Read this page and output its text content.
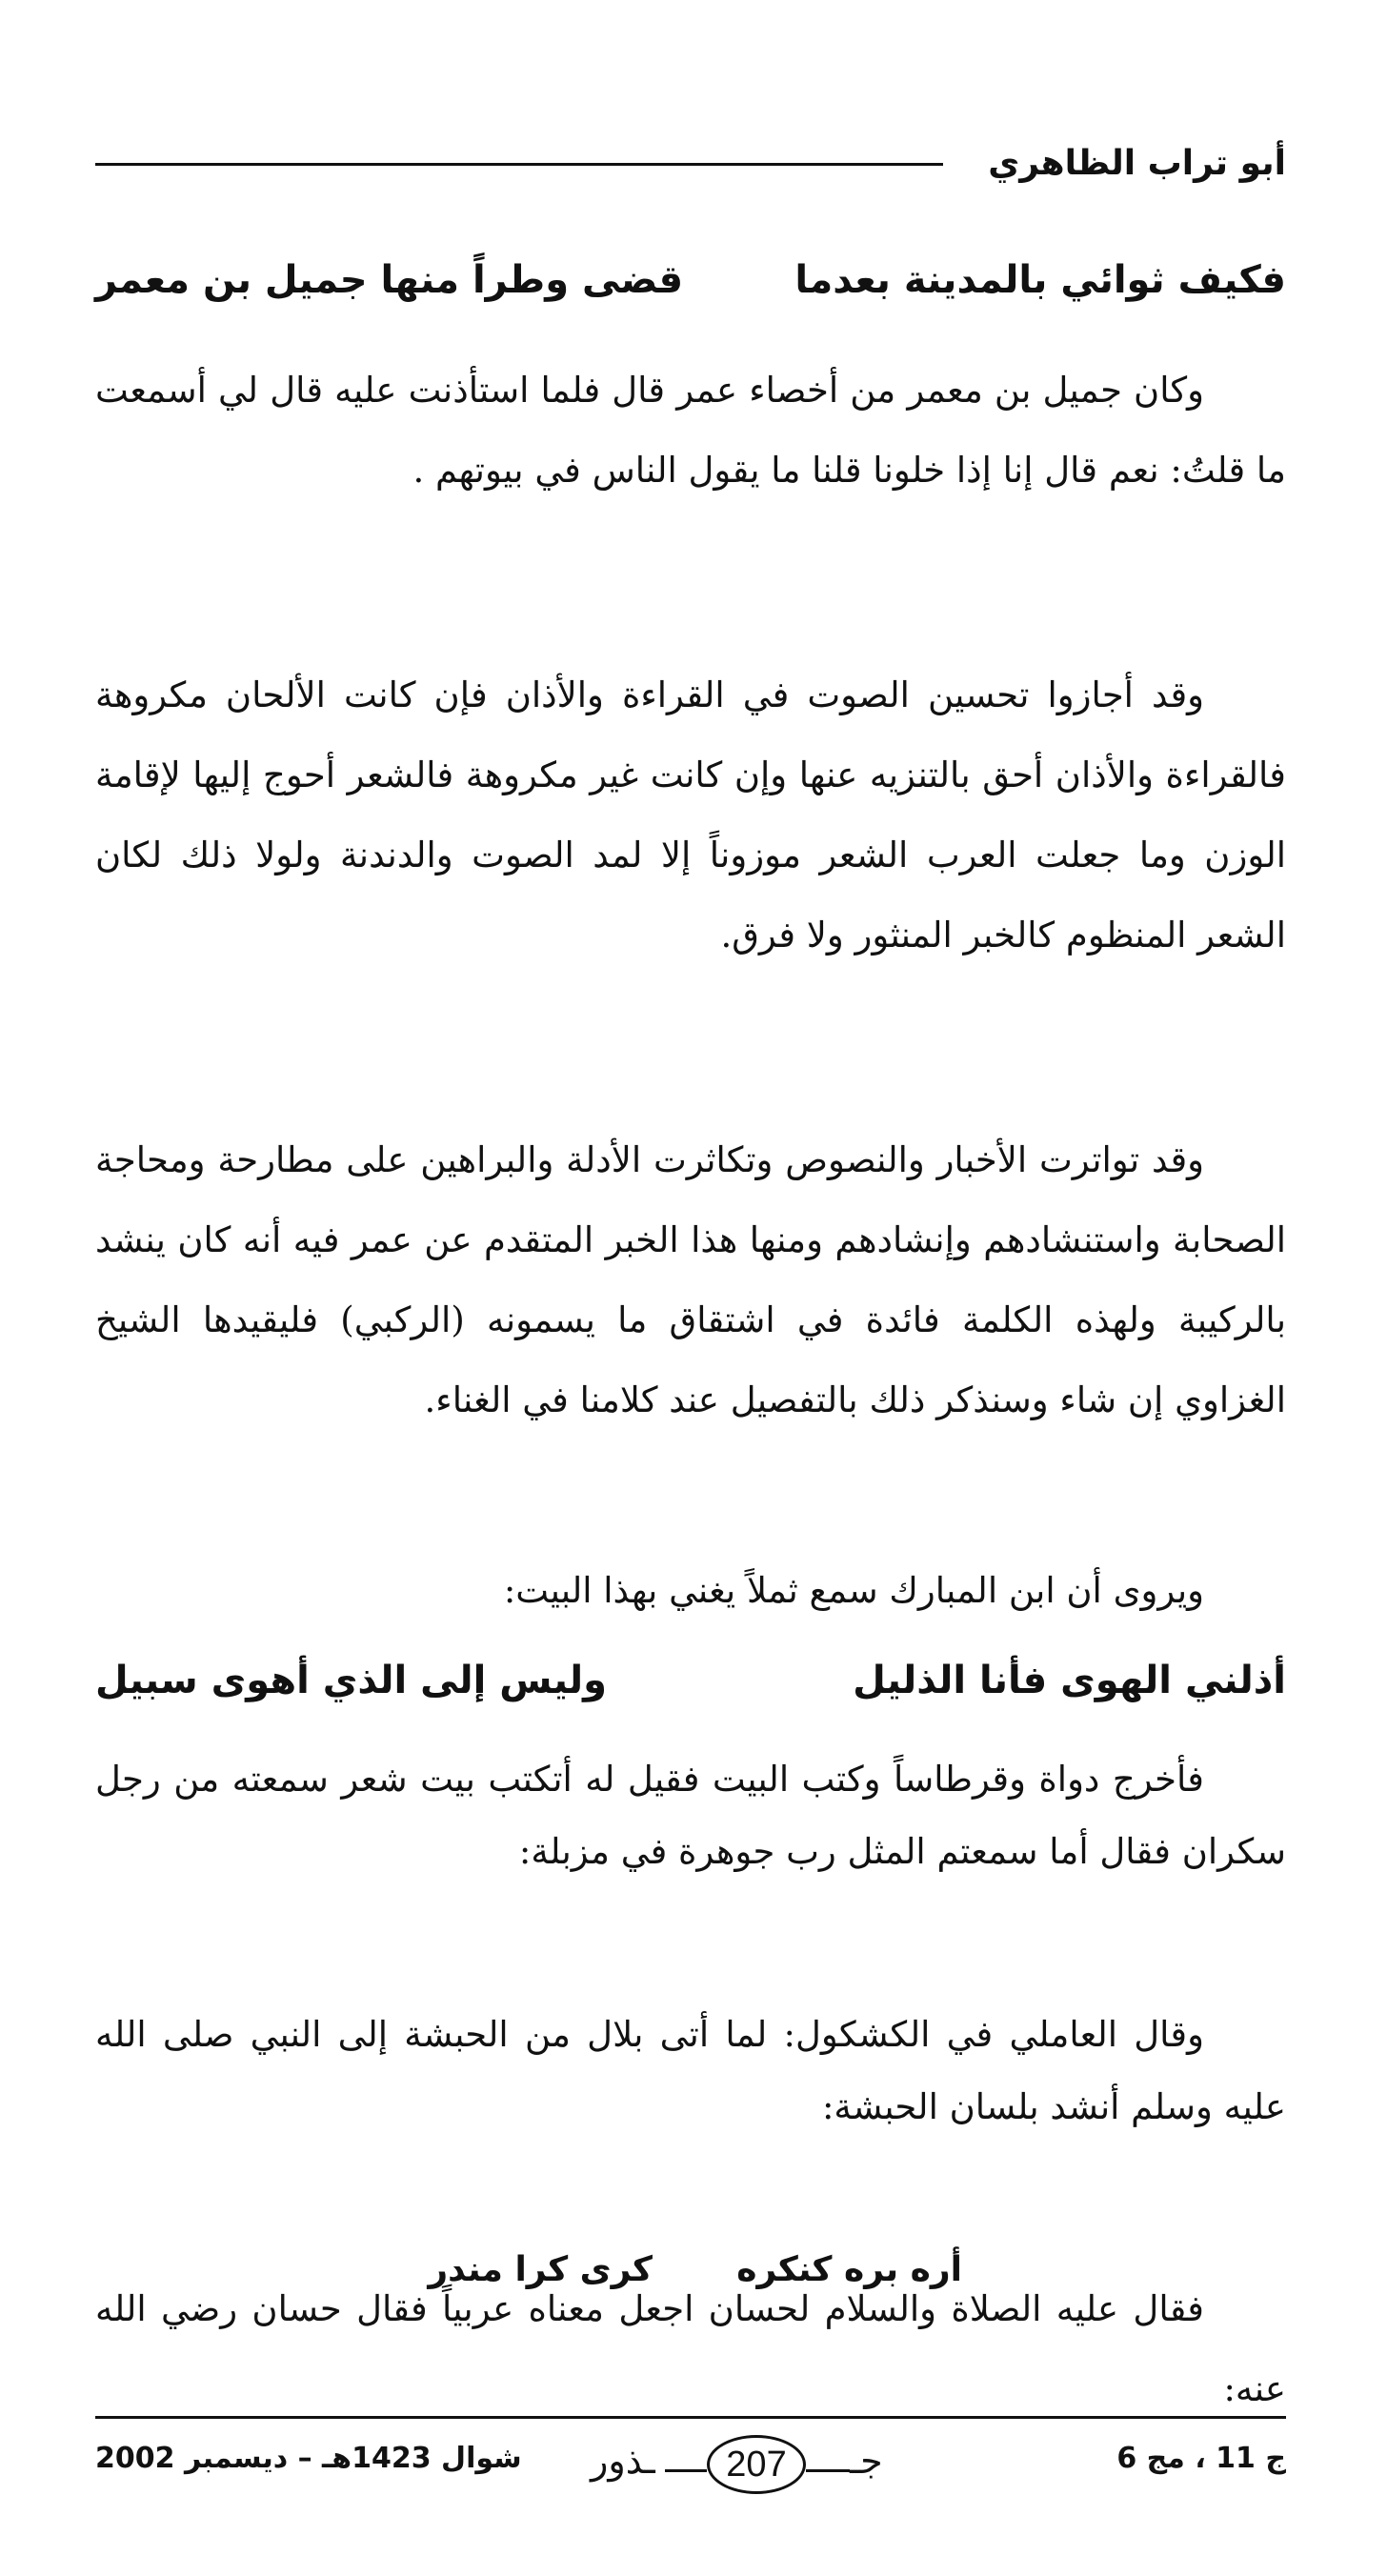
أبو تراب الظاهري
فكيف ثوائي بالمدينة بعدما
قضى وطراً منها جميل بن معمر

وكان جميل بن معمر من أخصاء عمر قال فلما استأذنت عليه قال لي أسمعت ما قلتُ: نعم قال إنا إذا خلونا قلنا ما يقول الناس في بيوتهم .

وقد أجازوا تحسين الصوت في القراءة والأذان فإن كانت الألحان مكروهة فالقراءة والأذان أحق بالتنزيه عنها وإن كانت غير مكروهة فالشعر أحوج إليها لإقامة الوزن وما جعلت العرب الشعر موزوناً إلا لمد الصوت والدندنة ولولا ذلك لكان الشعر المنظوم كالخبر المنثور ولا فرق.

وقد تواترت الأخبار والنصوص وتكاثرت الأدلة والبراهين على مطارحة ومحاجة الصحابة واستنشادهم وإنشادهم ومنها هذا الخبر المتقدم عن عمر فيه أنه كان ينشد بالركيبة ولهذه الكلمة فائدة في اشتقاق ما يسمونه (الركبي) فليقيدها الشيخ الغزاوي إن شاء وسنذكر ذلك بالتفصيل عند كلامنا في الغناء.

ويروى أن ابن المبارك سمع ثملاً يغني بهذا البيت:

أذلني الهوى فأنا الذليل
وليس إلى الذي أهوى سبيل

فأخرج دواة وقرطاساً وكتب البيت فقيل له أتكتب بيت شعر سمعته من رجل سكران فقال أما سمعتم المثل رب جوهرة في مزبلة:

وقال العاملي في الكشكول: لما أتى بلال من الحبشة إلى النبي صلى الله عليه وسلم أنشد بلسان الحبشة:

أره بره كنكره
كرى كرا مندر

فقال عليه الصلاة والسلام لحسان اجعل معناه عربياً فقال حسان رضي الله عنه:

شوال 1423هـ – ديسمبر 2002 ـذور	207	جـ	ج 11 ، مج 6
